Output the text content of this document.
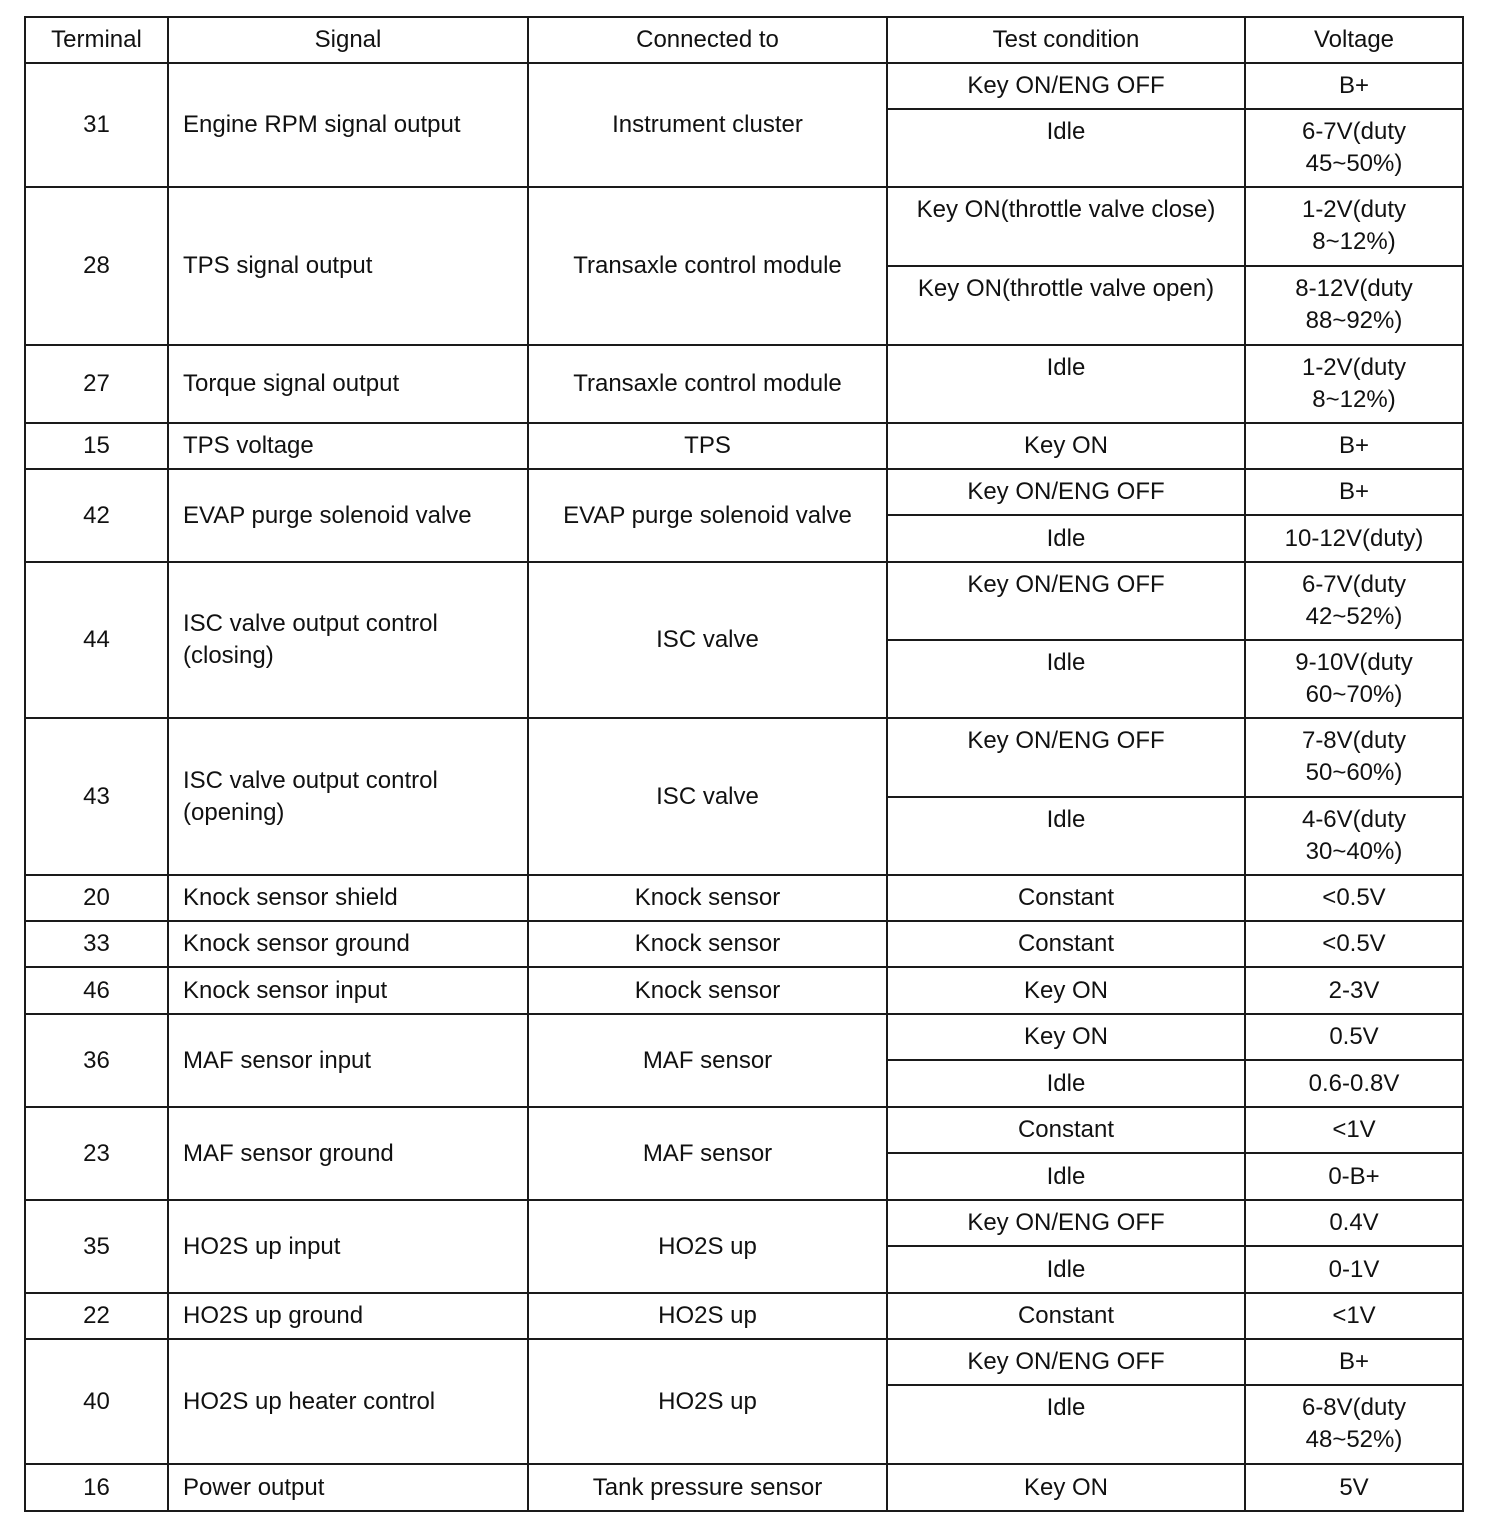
Terminal	Signal	Connected to	Test condition	Voltage
31	Engine RPM signal output	Instrument cluster	Key ON/ENG OFF	B+
			Idle	6-7V(duty
45~50%)
28	TPS signal output	Transaxle control module	Key ON(throttle valve close)	1-2V(duty
8~12%)
			Key ON(throttle valve open)	8-12V(duty
88~92%)
27	Torque signal output	Transaxle control module	Idle	1-2V(duty
8~12%)
15	TPS voltage	TPS	Key ON	B+
42	EVAP purge solenoid valve	EVAP purge solenoid valve	Key ON/ENG OFF	B+
			Idle	10-12V(duty)
44	ISC valve output control
(closing)	ISC valve	Key ON/ENG OFF	6-7V(duty
42~52%)
			Idle	9-10V(duty
60~70%)
43	ISC valve output control
(opening)	ISC valve	Key ON/ENG OFF	7-8V(duty
50~60%)
			Idle	4-6V(duty
30~40%)
20	Knock sensor shield	Knock sensor	Constant	<0.5V
33	Knock sensor ground	Knock sensor	Constant	<0.5V
46	Knock sensor input	Knock sensor	Key ON	2-3V
36	MAF sensor input	MAF sensor	Key ON	0.5V
			Idle	0.6-0.8V
23	MAF sensor ground	MAF sensor	Constant	<1V
			Idle	0-B+
35	HO2S up input	HO2S up	Key ON/ENG OFF	0.4V
			Idle	0-1V
22	HO2S up ground	HO2S up	Constant	<1V
40	HO2S up heater control	HO2S up	Key ON/ENG OFF	B+
			Idle	6-8V(duty
48~52%)
16	Power output	Tank pressure sensor	Key ON	5V
